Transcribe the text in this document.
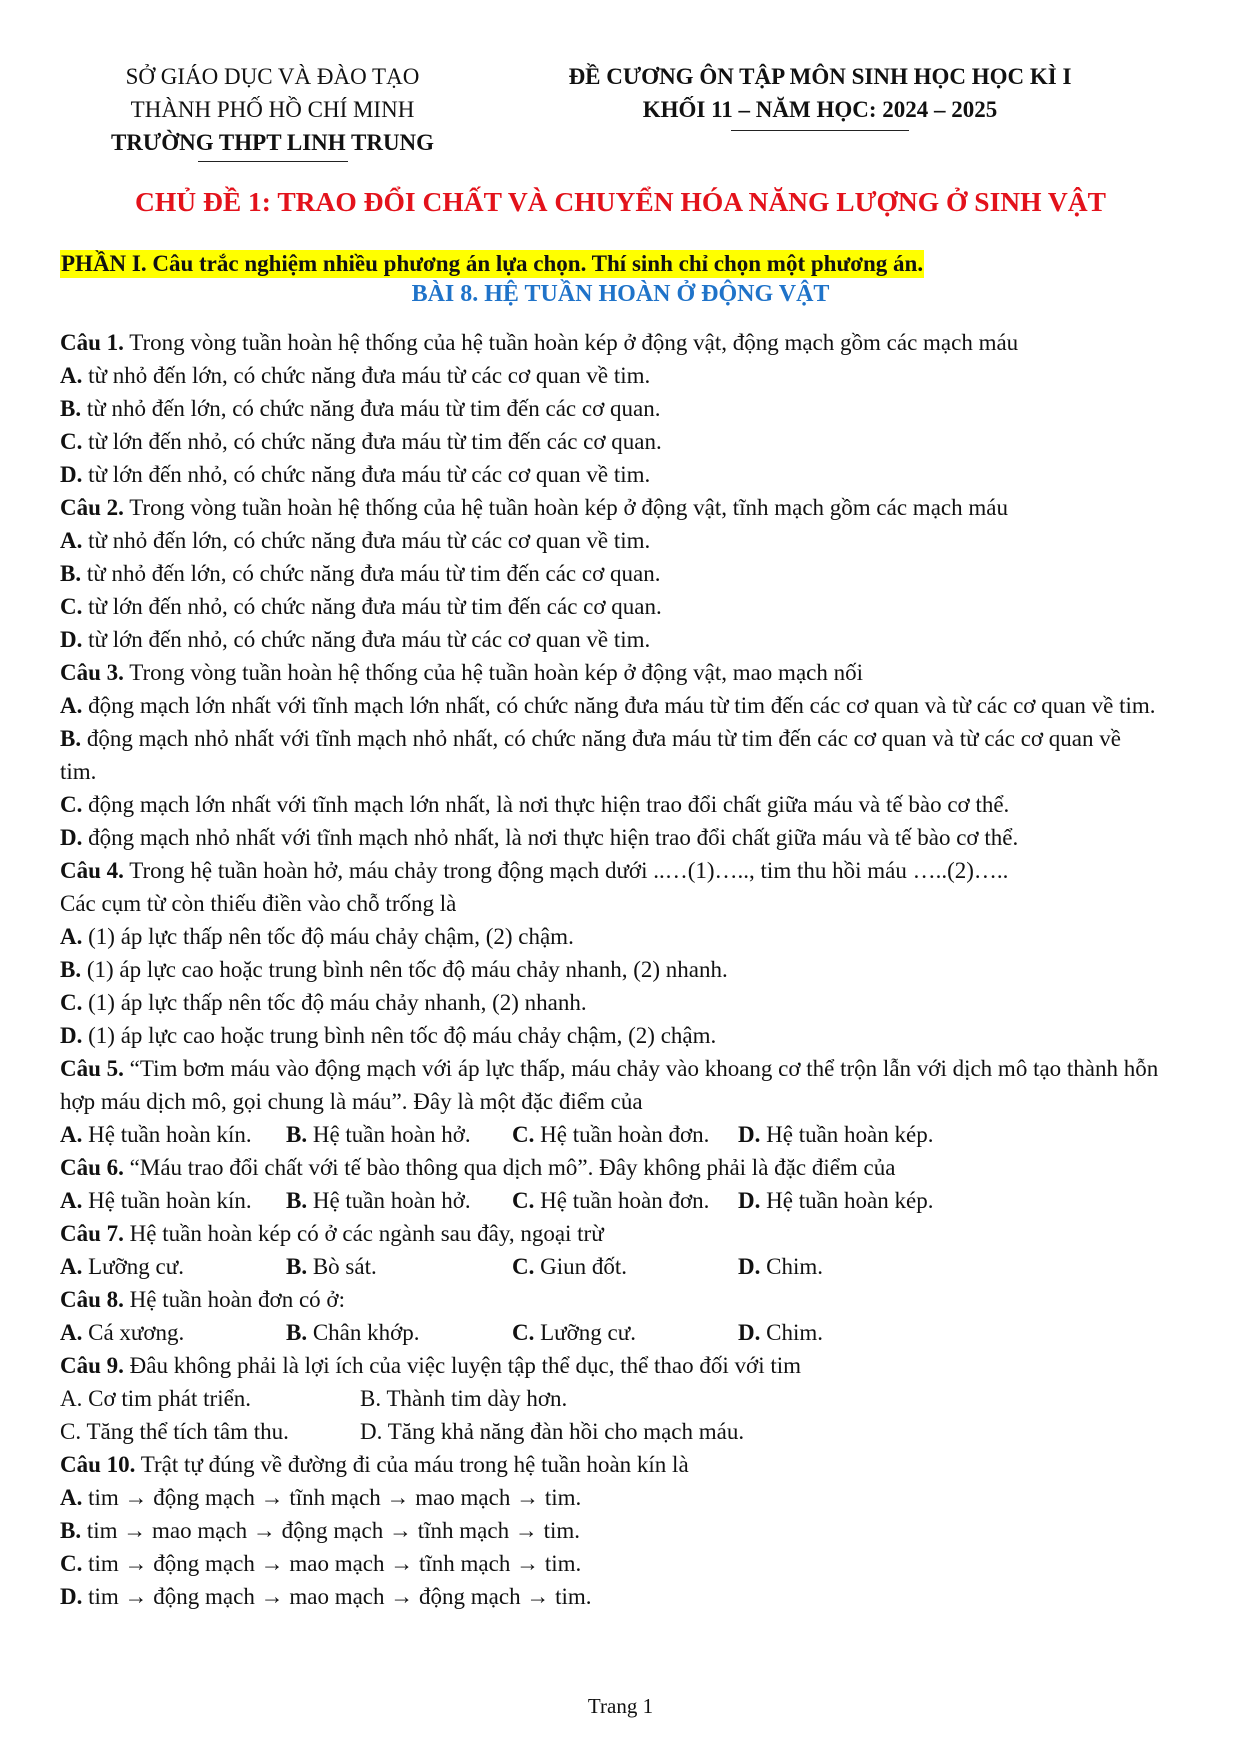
SỞ GIÁO DỤC VÀ ĐÀO TẠO
THÀNH PHỐ HỒ CHÍ MINH
TRƯỜNG THPT LINH TRUNG
ĐỀ CƯƠNG ÔN TẬP MÔN SINH HỌC HỌC KÌ I
KHỐI 11 – NĂM HỌC: 2024 – 2025
CHỦ ĐỀ 1: TRAO ĐỔI CHẤT VÀ CHUYỂN HÓA NĂNG LƯỢNG Ở SINH VẬT
PHẦN I. Câu trắc nghiệm nhiều phương án lựa chọn. Thí sinh chỉ chọn một phương án.
BÀI 8. HỆ TUẦN HOÀN Ở ĐỘNG VẬT
Câu 1. Trong vòng tuần hoàn hệ thống của hệ tuần hoàn kép ở động vật, động mạch gồm các mạch máu
A. từ nhỏ đến lớn, có chức năng đưa máu từ các cơ quan về tim.
B. từ nhỏ đến lớn, có chức năng đưa máu từ tim đến các cơ quan.
C. từ lớn đến nhỏ, có chức năng đưa máu từ tim đến các cơ quan.
D. từ lớn đến nhỏ, có chức năng đưa máu từ các cơ quan về tim.
Câu 2. Trong vòng tuần hoàn hệ thống của hệ tuần hoàn kép ở động vật, tĩnh mạch gồm các mạch máu
A. từ nhỏ đến lớn, có chức năng đưa máu từ các cơ quan về tim.
B. từ nhỏ đến lớn, có chức năng đưa máu từ tim đến các cơ quan.
C. từ lớn đến nhỏ, có chức năng đưa máu từ tim đến các cơ quan.
D. từ lớn đến nhỏ, có chức năng đưa máu từ các cơ quan về tim.
Câu 3. Trong vòng tuần hoàn hệ thống của hệ tuần hoàn kép ở động vật, mao mạch nối
A. động mạch lớn nhất với tĩnh mạch lớn nhất, có chức năng đưa máu từ tim đến các cơ quan và từ các cơ quan về tim.
B. động mạch nhỏ nhất với tĩnh mạch nhỏ nhất, có chức năng đưa máu từ tim đến các cơ quan và từ các cơ quan về tim.
C. động mạch lớn nhất với tĩnh mạch lớn nhất, là nơi thực hiện trao đổi chất giữa máu và tế bào cơ thể.
D. động mạch nhỏ nhất với tĩnh mạch nhỏ nhất, là nơi thực hiện trao đổi chất giữa máu và tế bào cơ thể.
Câu 4. Trong hệ tuần hoàn hở, máu chảy trong động mạch dưới ..…(1)….., tim thu hồi máu …..(2)…..
Các cụm từ còn thiếu điền vào chỗ trống là
A. (1) áp lực thấp nên tốc độ máu chảy chậm, (2) chậm.
B. (1) áp lực cao hoặc trung bình nên tốc độ máu chảy nhanh, (2) nhanh.
C. (1) áp lực thấp nên tốc độ máu chảy nhanh, (2) nhanh.
D. (1) áp lực cao hoặc trung bình nên tốc độ máu chảy chậm, (2) chậm.
Câu 5. “Tim bơm máu vào động mạch với áp lực thấp, máu chảy vào khoang cơ thể trộn lẫn với dịch mô tạo thành hỗn hợp máu dịch mô, gọi chung là máu”. Đây là một đặc điểm của
A. Hệ tuần hoàn kín.	B. Hệ tuần hoàn hở.	C. Hệ tuần hoàn đơn.	D. Hệ tuần hoàn kép.
Câu 6. “Máu trao đổi chất với tế bào thông qua dịch mô”. Đây không phải là đặc điểm của
A. Hệ tuần hoàn kín.	B. Hệ tuần hoàn hở.	C. Hệ tuần hoàn đơn.	D. Hệ tuần hoàn kép.
Câu 7. Hệ tuần hoàn kép có ở các ngành sau đây, ngoại trừ
A. Lưỡng cư.	B. Bò sát.	C. Giun đốt.	D. Chim.
Câu 8. Hệ tuần hoàn đơn có ở:
A. Cá xương.	B. Chân khớp.	C. Lưỡng cư.	D. Chim.
Câu 9. Đâu không phải là lợi ích của việc luyện tập thể dục, thể thao đối với tim
A. Cơ tim phát triển.	B. Thành tim dày hơn.
C. Tăng thể tích tâm thu.	D. Tăng khả năng đàn hồi cho mạch máu.
Câu 10. Trật tự đúng về đường đi của máu trong hệ tuần hoàn kín là
A. tim → động mạch → tĩnh mạch → mao mạch → tim.
B. tim → mao mạch → động mạch → tĩnh mạch → tim.
C. tim → động mạch → mao mạch → tĩnh mạch → tim.
D. tim → động mạch → mao mạch → động mạch → tim.
Trang 1
